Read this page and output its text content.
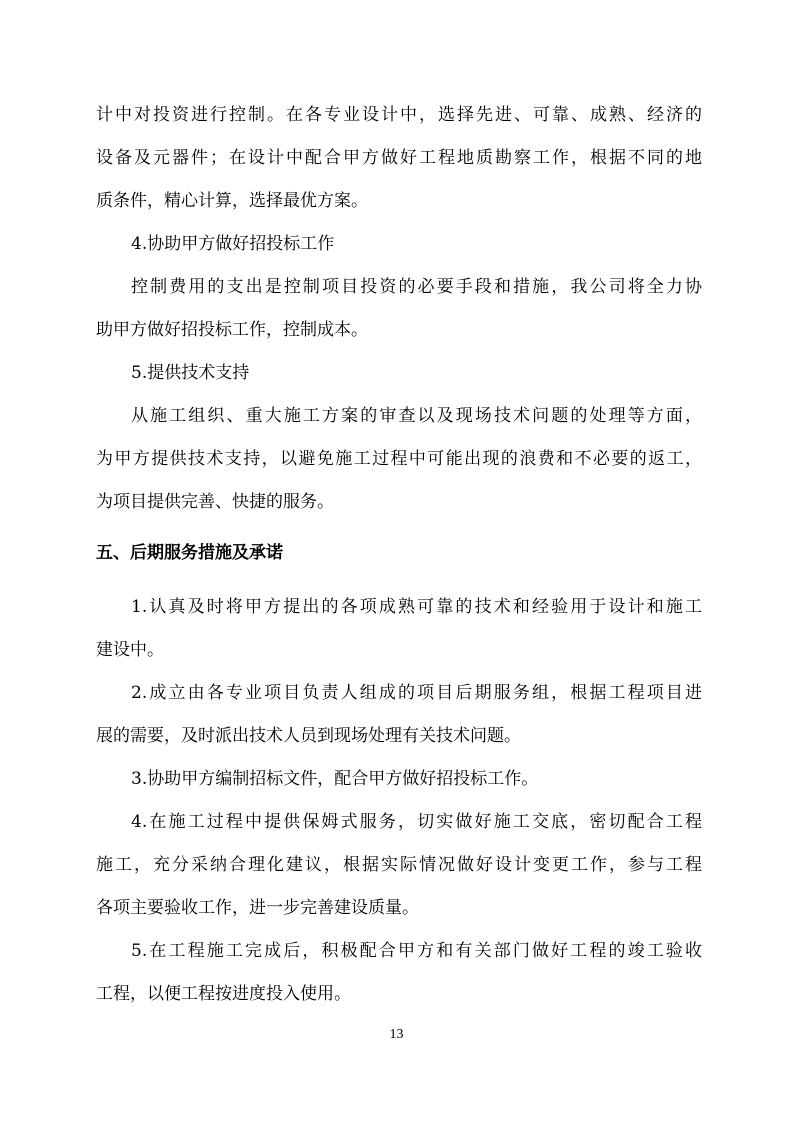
计中对投资进行控制。在各专业设计中，选择先进、可靠、成熟、经济的
设备及元器件；在设计中配合甲方做好工程地质勘察工作，根据不同的地
质条件，精心计算，选择最优方案。
4.协助甲方做好招投标工作
控制费用的支出是控制项目投资的必要手段和措施，我公司将全力协
助甲方做好招投标工作，控制成本。
5.提供技术支持
从施工组织、重大施工方案的审查以及现场技术问题的处理等方面，
为甲方提供技术支持，以避免施工过程中可能出现的浪费和不必要的返工，
为项目提供完善、快捷的服务。
五、后期服务措施及承诺
1.认真及时将甲方提出的各项成熟可靠的技术和经验用于设计和施工
建设中。
2.成立由各专业项目负责人组成的项目后期服务组，根据工程项目进
展的需要，及时派出技术人员到现场处理有关技术问题。
3.协助甲方编制招标文件，配合甲方做好招投标工作。
4.在施工过程中提供保姆式服务，切实做好施工交底，密切配合工程
施工，充分采纳合理化建议，根据实际情况做好设计变更工作，参与工程
各项主要验收工作，进一步完善建设质量。
5.在工程施工完成后，积极配合甲方和有关部门做好工程的竣工验收
工程，以便工程按进度投入使用。
13
